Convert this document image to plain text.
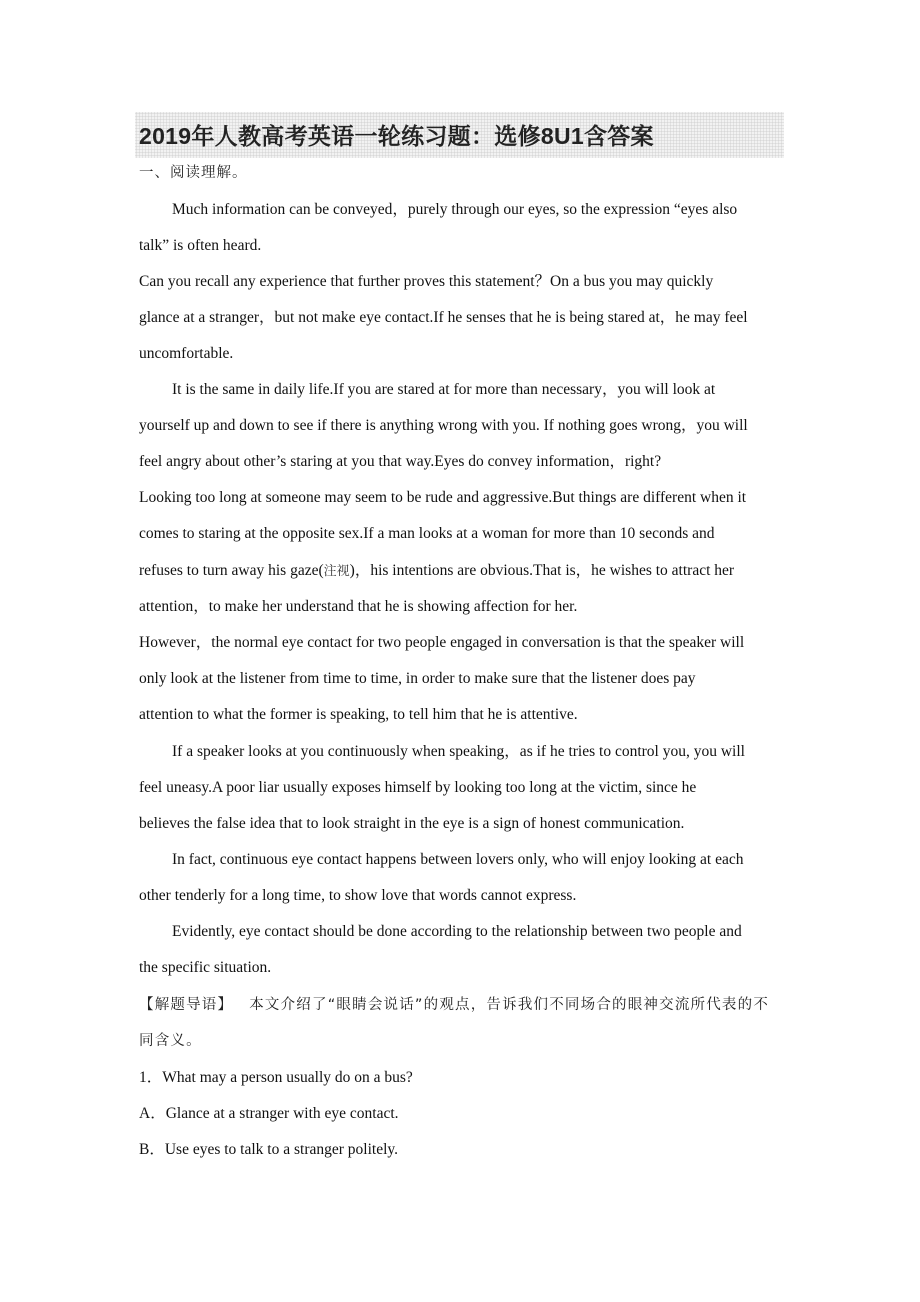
2019年人教高考英语一轮练习题：选修8U1含答案
一、阅读理解。
Much information can be conveyed，purely through our eyes, so the expression “eyes also
talk” is often heard.
Can you recall any experience that further proves this statement？On a bus you may quickly
glance at a stranger，but not make eye contact.If he senses that he is being stared at，he may feel
uncomfortable.
It is the same in daily life.If you are stared at for more than necessary，you will look at
yourself up and down to see if there is anything wrong with you. If nothing goes wrong，you will
feel angry about other’s staring at you that way.Eyes do convey information，right?
Looking too long at someone may seem to be rude and aggressive.But things are different when it
comes to staring at the opposite sex.If a man looks at a woman for more than 10 seconds and
refuses to turn away his gaze(注视)，his intentions are obvious.That is，he wishes to attract her
attention，to make her understand that he is showing affection for her.
However，the normal eye contact for two people engaged in conversation is that the speaker will
only look at the listener from time to time, in order to make sure that the listener does pay
attention to what the former is speaking, to tell him that he is attentive.
If a speaker looks at you continuously when speaking，as if he tries to control you, you will
feel uneasy.A poor liar usually exposes himself by looking too long at the victim, since he
believes the false idea that to look straight in the eye is a sign of honest communication.
In fact, continuous eye contact happens between lovers only, who will enjoy looking at each
other tenderly for a long time, to show love that words cannot express.
Evidently, eye contact should be done according to the relationship between two people and
the specific situation.
【解题导语】 本文介绍了“眼睛会说话”的观点，告诉我们不同场合的眼神交流所代表的不
同含义。
1．What may a person usually do on a bus?
A．Glance at a stranger with eye contact.
B．Use eyes to talk to a stranger politely.
